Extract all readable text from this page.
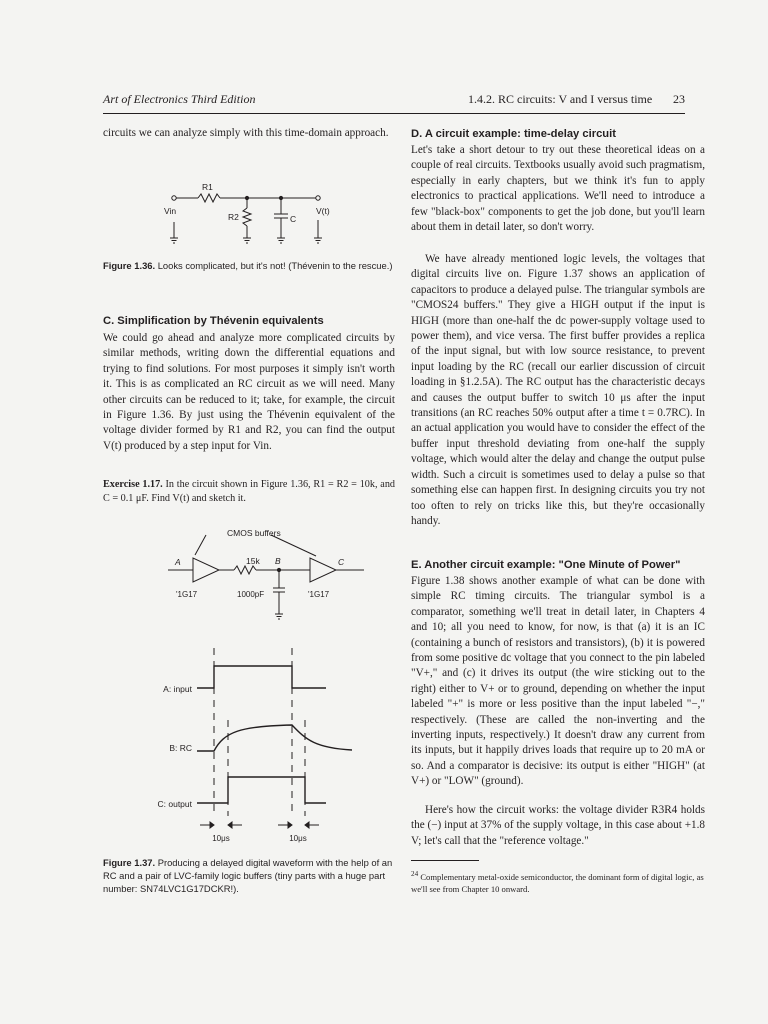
Art of Electronics Third Edition	1.4.2. RC circuits: V and I versus time 23

circuits we can analyze simply with this time-domain approach.

R1
R2	C
Vin	V(t)

Figure 1.36. Looks complicated, but it's not! (Thévenin to the rescue.)

C. Simplification by Thévenin equivalents

We could go ahead and analyze more complicated circuits by similar methods, writing down the differential equations and trying to find solutions. For most purposes it simply isn't worth it. This is as complicated an RC circuit as we will need. Many other circuits can be reduced to it; take, for example, the circuit in Figure 1.36. By just using the Thévenin equivalent of the voltage divider formed by R1 and R2, you can find the output V(t) produced by a step input for Vin.

Exercise 1.17. In the circuit shown in Figure 1.36, R1 = R2 = 10k, and C = 0.1 μF. Find V(t) and sketch it.

CMOS buffers
A	15k B	C
'1G17	1000pF	'1G17
A: input
B: RC
C: output
10μs	10μs

Figure 1.37. Producing a delayed digital waveform with the help of an RC and a pair of LVC-family logic buffers (tiny parts with a huge part number: SN74LVC1G17DCKR!).

D. A circuit example: time-delay circuit

Let's take a short detour to try out these theoretical ideas on a couple of real circuits. Textbooks usually avoid such pragmatism, especially in early chapters, but we think it's fun to apply electronics to practical applications. We'll need to introduce a few "black-box" components to get the job done, but you'll learn about them in detail later, so don't worry.

We have already mentioned logic levels, the voltages that digital circuits live on. Figure 1.37 shows an application of capacitors to produce a delayed pulse. The triangular symbols are "CMOS24 buffers." They give a HIGH output if the input is HIGH (more than one-half the dc power-supply voltage used to power them), and vice versa. The first buffer provides a replica of the input signal, but with low source resistance, to prevent input loading by the RC (recall our earlier discussion of circuit loading in §1.2.5A). The RC output has the characteristic decays and causes the output buffer to switch 10 μs after the input transitions (an RC reaches 50% output after a time t = 0.7RC). In an actual application you would have to consider the effect of the buffer input threshold deviating from one-half the supply voltage, which would alter the delay and change the output pulse width. Such a circuit is sometimes used to delay a pulse so that something else can happen first. In designing circuits you try not too often to rely on tricks like this, but they're occasionally handy.

E. Another circuit example: "One Minute of Power"

Figure 1.38 shows another example of what can be done with simple RC timing circuits. The triangular symbol is a comparator, something we'll treat in detail later, in Chapters 4 and 10; all you need to know, for now, is that (a) it is an IC (containing a bunch of resistors and transistors), (b) it is powered from some positive dc voltage that you connect to the pin labeled "V+," and (c) it drives its output (the wire sticking out to the right) either to V+ or to ground, depending on whether the input labeled "+" is more or less positive than the input labeled "−," respectively. (These are called the non-inverting and the inverting inputs, respectively.) It doesn't draw any current from its inputs, but it happily drives loads that require up to 20 mA or so. And a comparator is decisive: its output is either "HIGH" (at V+) or "LOW" (ground).

Here's how the circuit works: the voltage divider R3R4 holds the (−) input at 37% of the supply voltage, in this case about +1.8 V; let's call that the "reference voltage."

$^{24}$ Complementary metal-oxide semiconductor, the dominant form of digital logic, as we'll see from Chapter 10 onward.
